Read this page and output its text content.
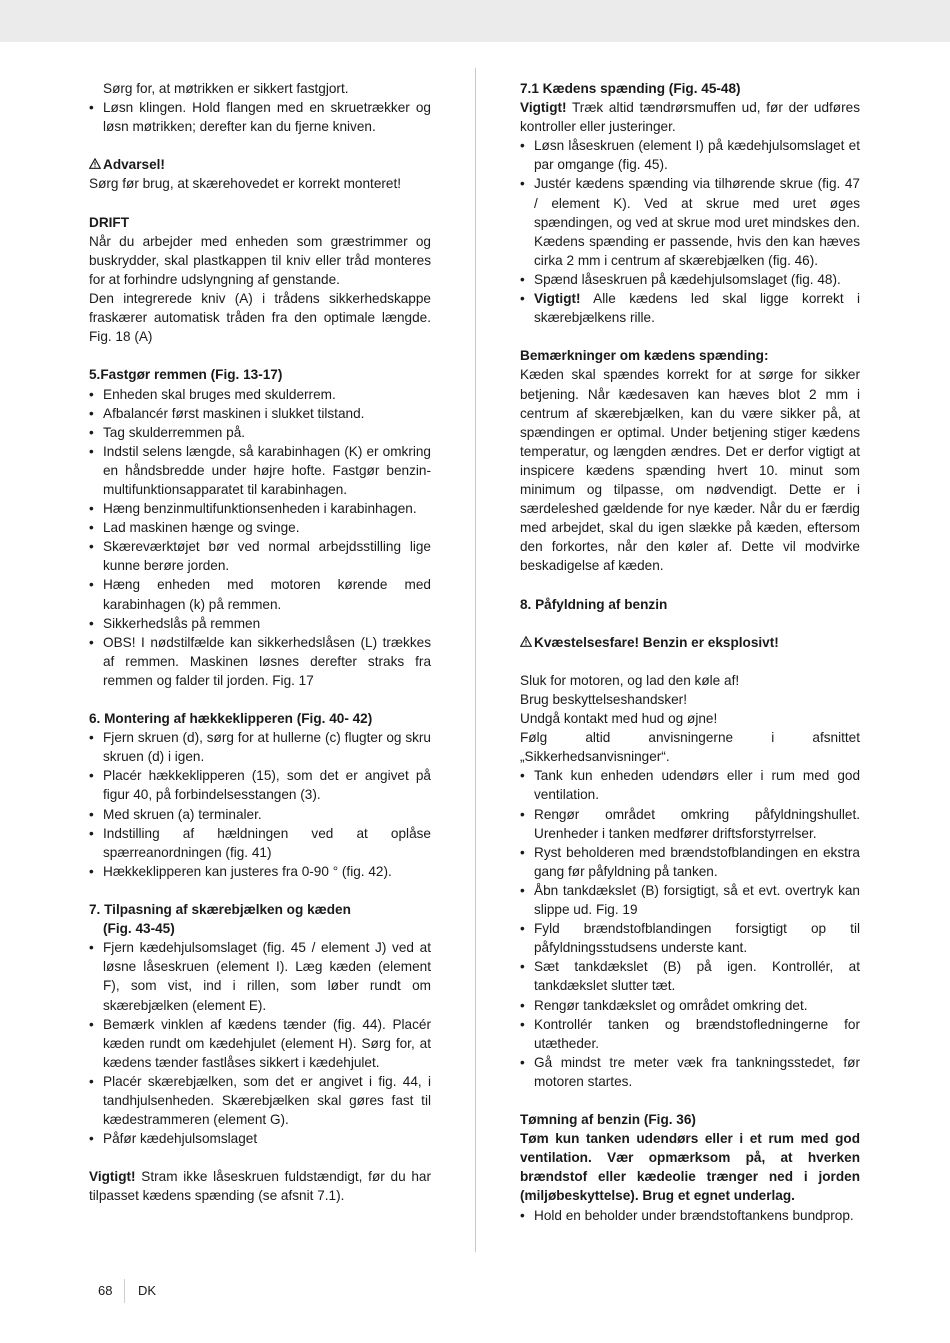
Sørg for, at møtrikken er sikkert fastgjort.

• Løsn klingen. Hold flangen med en skruetrækker og løsn møtrikken; derefter kan du fjerne kniven.

Advarsel!

Sørg før brug, at skærehovedet er korrekt monteret!

DRIFT

Når du arbejder med enheden som græstrimmer og buskrydder, skal plastkappen til kniv eller tråd monteres for at forhindre udslyngning af genstande.

Den integrerede kniv (A) i trådens sikkerhedskappe fraskærer automatisk tråden fra den optimale længde. Fig. 18 (A)

5.Fastgør remmen (Fig. 13-17)

• Enheden skal bruges med skulderrem.
• Afbalancér først maskinen i slukket tilstand.
• Tag skulderremmen på.
• Indstil selens længde, så karabinhagen (K) er omkring en håndsbredde under højre hofte. Fastgør benzin-multifunktionsapparatet til karabinhagen.
• Hæng benzinmultifunktionsenheden i karabinhagen.
• Lad maskinen hænge og svinge.
• Skæreværktøjet bør ved normal arbejdsstilling lige kunne berøre jorden.
• Hæng enheden med motoren kørende med karabinhagen (k) på remmen.
• Sikkerhedslås på remmen
• OBS! I nødstilfælde kan sikkerhedslåsen (L) trækkes af remmen. Maskinen løsnes derefter straks fra remmen og falder til jorden. Fig. 17

6. Montering af hækkeklipperen (Fig. 40- 42)

• Fjern skruen (d), sørg for at hullerne (c) flugter og skru skruen (d) i igen.
• Placér hækkeklipperen (15), som det er angivet på figur 40, på forbindelsesstangen (3).
• Med skruen (a) terminaler.
• Indstilling af hældningen ved at oplåse spærreanordningen (fig. 41)
• Hækkeklipperen kan justeres fra 0-90 ° (fig. 42).

7. Tilpasning af skærebjælken og kæden

(Fig. 43-45)

• Fjern kædehjulsomslaget (fig. 45 / element J) ved at løsne låseskruen (element I). Læg kæden (element F), som vist, ind i rillen, som løber rundt om skærebjælken (element E).
• Bemærk vinklen af kædens tænder (fig. 44). Placér kæden rundt om kædehjulet (element H). Sørg for, at kædens tænder fastlåses sikkert i kædehjulet.
• Placér skærebjælken, som det er angivet i fig. 44, i tandhjulsenheden. Skærebjælken skal gøres fast til kædestrammeren (element G).
• Påfør kædehjulsomslaget

Vigtigt! Stram ikke låseskruen fuldstændigt, før du har tilpasset kædens spænding (se afsnit 7.1).

7.1 Kædens spænding (Fig. 45-48)

Vigtigt! Træk altid tændrørsmuffen ud, før der udføres kontroller eller justeringer.

• Løsn låseskruen (element I) på kædehjulsomslaget et par omgange (fig. 45).
• Justér kædens spænding via tilhørende skrue (fig. 47 / element K). Ved at skrue med uret øges spændingen, og ved at skrue mod uret mindskes den. Kædens spænding er passende, hvis den kan hæves cirka 2 mm i centrum af skærebjælken (fig. 46).
• Spænd låseskruen på kædehjulsomslaget (fig. 48).
• Vigtigt! Alle kædens led skal ligge korrekt i skærebjælkens rille.

Bemærkninger om kædens spænding:

Kæden skal spændes korrekt for at sørge for sikker betjening. Når kædesaven kan hæves blot 2 mm i centrum af skærebjælken, kan du være sikker på, at spændingen er optimal. Under betjening stiger kædens temperatur, og længden ændres. Det er derfor vigtigt at inspicere kædens spænding hvert 10. minut som minimum og tilpasse, om nødvendigt. Dette er i særdeleshed gældende for nye kæder. Når du er færdig med arbejdet, skal du igen slække på kæden, eftersom den forkortes, når den køler af. Dette vil modvirke beskadigelse af kæden.

8. Påfyldning af benzin

Kvæstelsesfare! Benzin er eksplosivt!

Sluk for motoren, og lad den køle af!

Brug beskyttelseshandsker!

Undgå kontakt med hud og øjne!

Følg altid anvisningerne i afsnittet „Sikkerhedsanvisninger“.

• Tank kun enheden udendørs eller i rum med god ventilation.
• Rengør området omkring påfyldningshullet. Urenheder i tanken medfører driftsforstyrrelser.
• Ryst beholderen med brændstofblandingen en ekstra gang før påfyldning på tanken.
• Åbn tankdækslet (B) forsigtigt, så et evt. overtryk kan slippe ud. Fig. 19
• Fyld brændstofblandingen forsigtigt op til påfyldningsstudsens underste kant.
• Sæt tankdækslet (B) på igen. Kontrollér, at tankdækslet slutter tæt.
• Rengør tankdækslet og området omkring det.
• Kontrollér tanken og brændstofledningerne for utætheder.
• Gå mindst tre meter væk fra tankningsstedet, før motoren startes.

Tømning af benzin (Fig. 36)

Tøm kun tanken udendørs eller i et rum med god ventilation. Vær opmærksom på, at hverken brændstof eller kædeolie trænger ned i jorden (miljøbeskyttelse). Brug et egnet underlag.

• Hold en beholder under brændstoftankens bundprop.
68 DK
